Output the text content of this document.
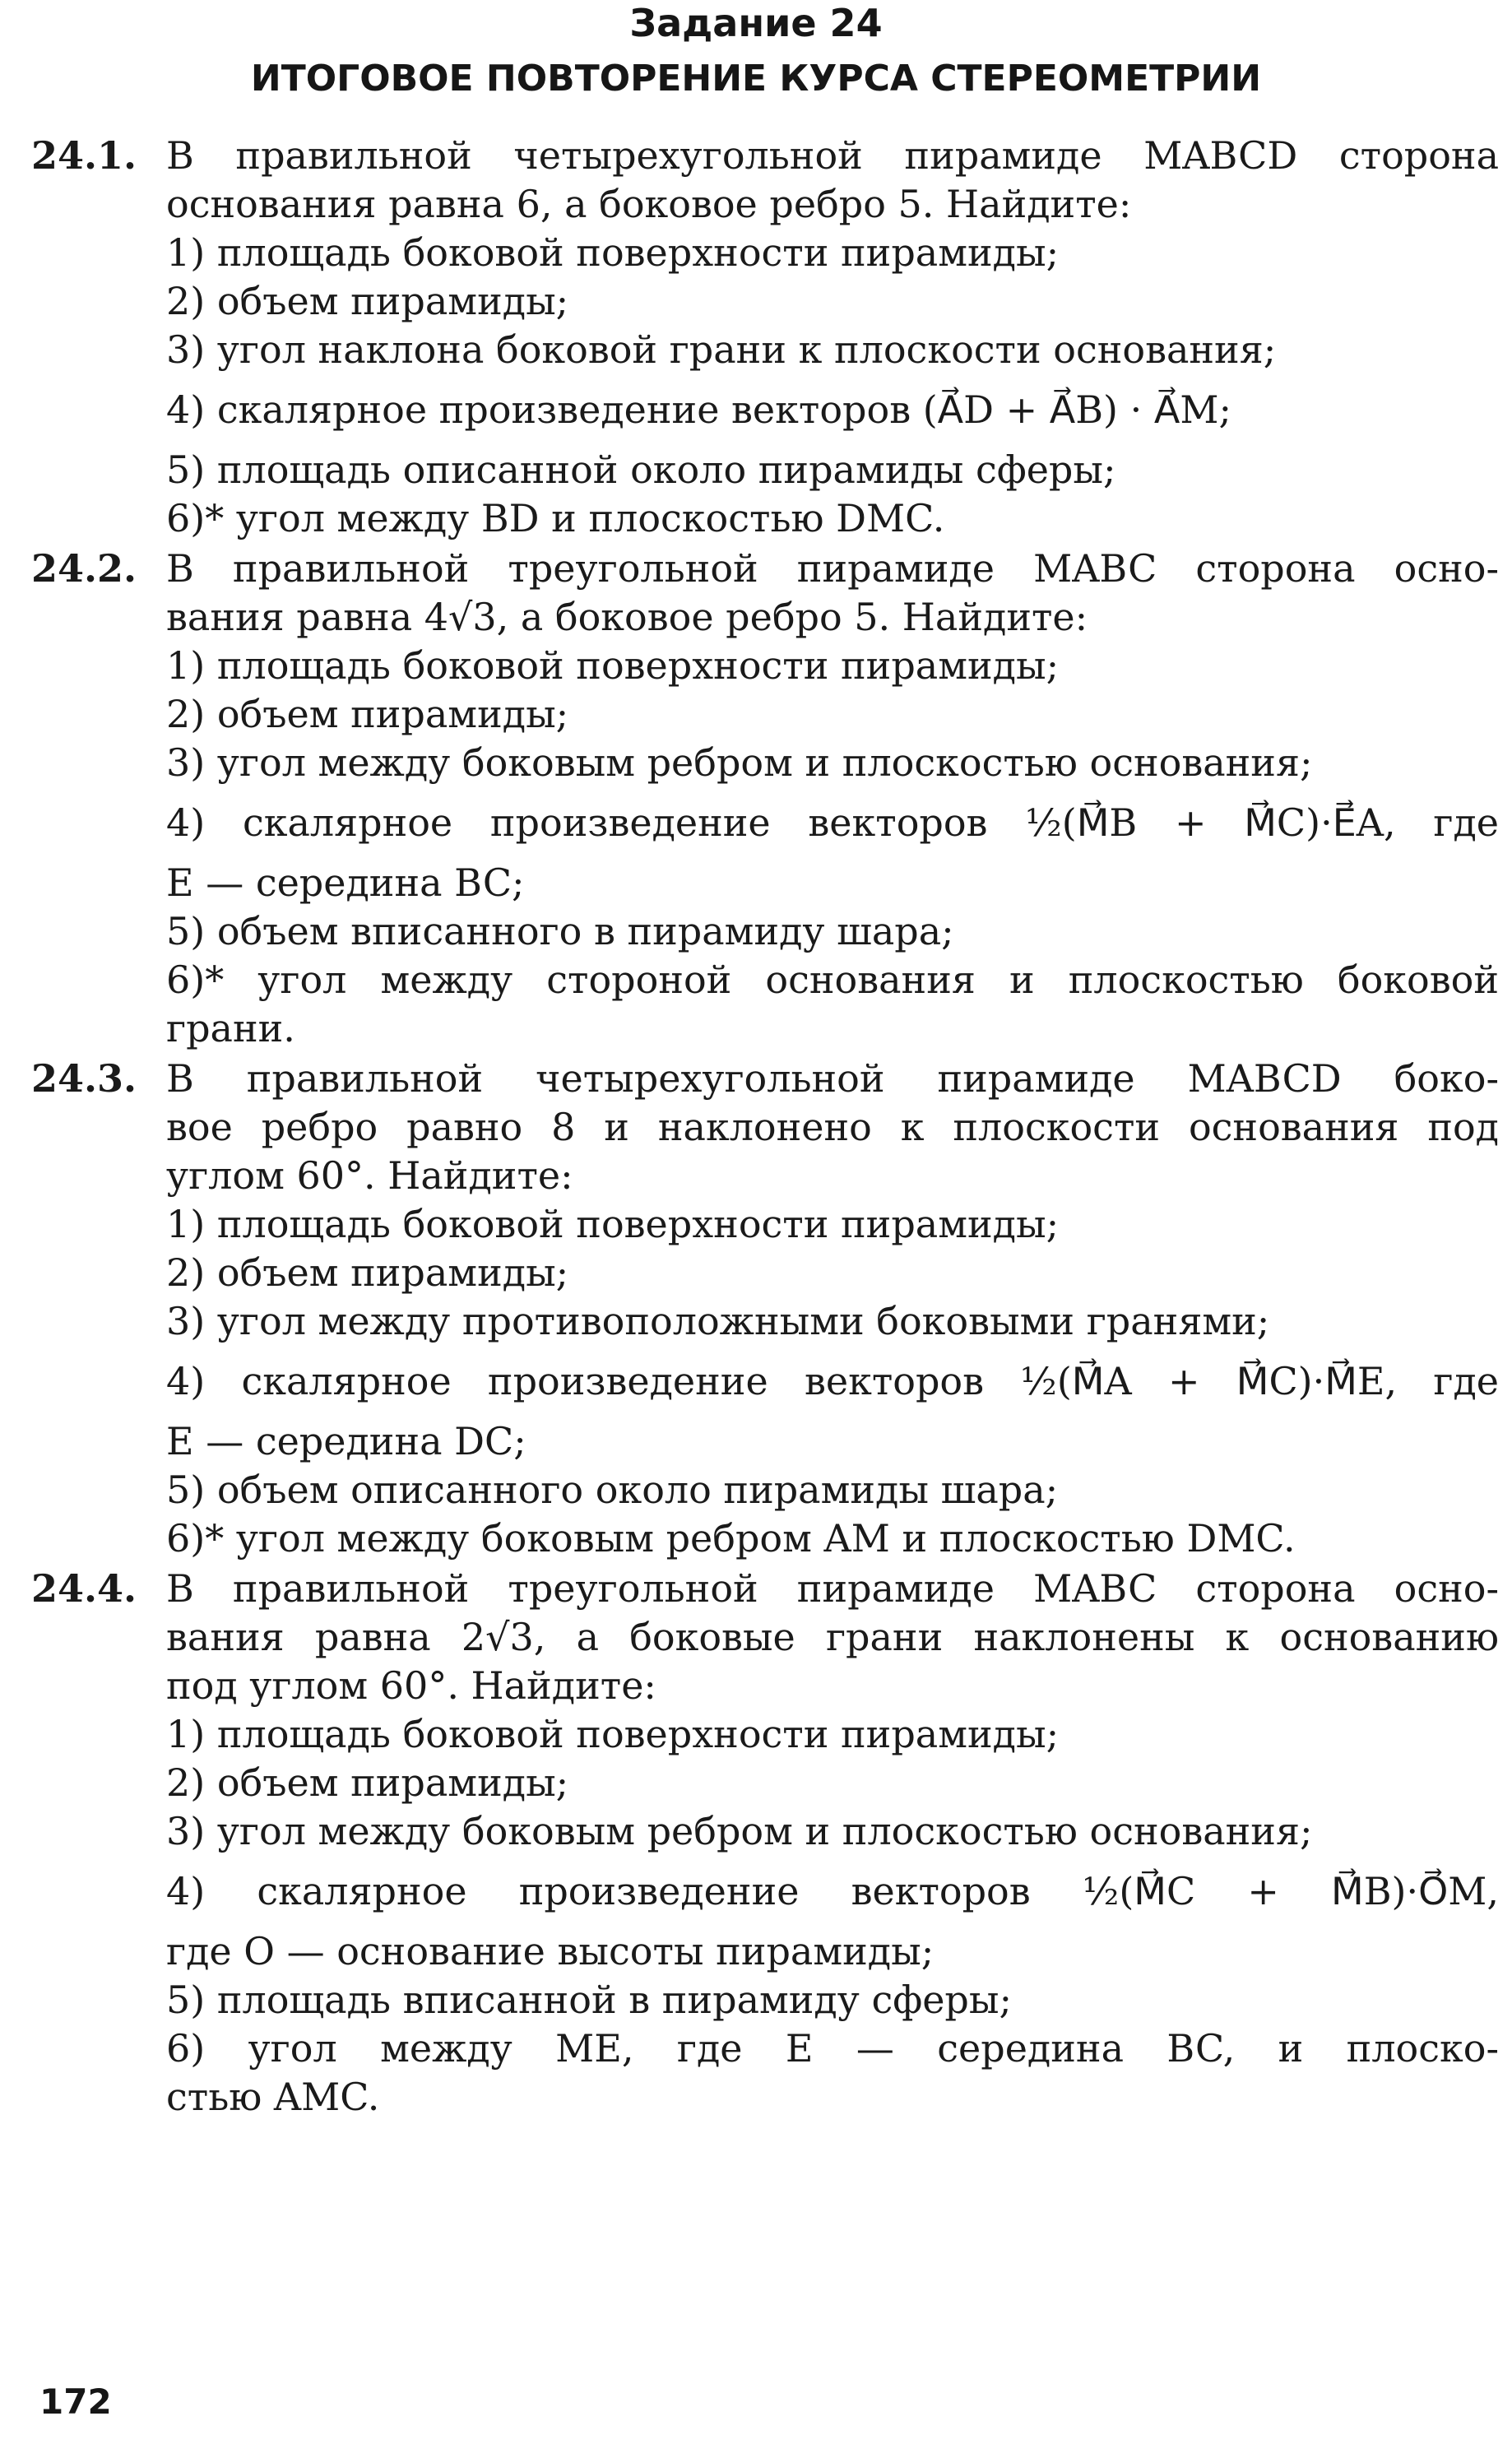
Задание 24
ИТОГОВОЕ ПОВТОРЕНИЕ КУРСА СТЕРЕОМЕТРИИ
24.1. В правильной четырехугольной пирамиде MABCD сторона
основания равна 6, а боковое ребро 5. Найдите:
1) площадь боковой поверхности пирамиды;
2) объем пирамиды;
3) угол наклона боковой грани к плоскости основания;
4) скалярное произведение векторов (A⃗D + A⃗B) · A⃗M;
5) площадь описанной около пирамиды сферы;
6)* угол между BD и плоскостью DMC.
24.2. В правильной треугольной пирамиде MABC сторона осно-
вания равна 4√3, а боковое ребро 5. Найдите:
1) площадь боковой поверхности пирамиды;
2) объем пирамиды;
3) угол между боковым ребром и плоскостью основания;
4) скалярное произведение векторов ½(M⃗B + M⃗C)·E⃗A, где
E — середина BC;
5) объем вписанного в пирамиду шара;
6)* угол между стороной основания и плоскостью боковой
грани.
24.3. В правильной четырехугольной пирамиде MABCD боко-
вое ребро равно 8 и наклонено к плоскости основания под
углом 60°. Найдите:
1) площадь боковой поверхности пирамиды;
2) объем пирамиды;
3) угол между противоположными боковыми гранями;
4) скалярное произведение векторов ½(M⃗A + M⃗C)·M⃗E, где
E — середина DC;
5) объем описанного около пирамиды шара;
6)* угол между боковым ребром AM и плоскостью DMC.
24.4. В правильной треугольной пирамиде MABC сторона осно-
вания равна 2√3, а боковые грани наклонены к основанию
под углом 60°. Найдите:
1) площадь боковой поверхности пирамиды;
2) объем пирамиды;
3) угол между боковым ребром и плоскостью основания;
4) скалярное произведение векторов ½(M⃗C + M⃗B)·O⃗M,
где O — основание высоты пирамиды;
5) площадь вписанной в пирамиду сферы;
6) угол между ME, где E — середина BC, и плоско-
стью AMC.
172
